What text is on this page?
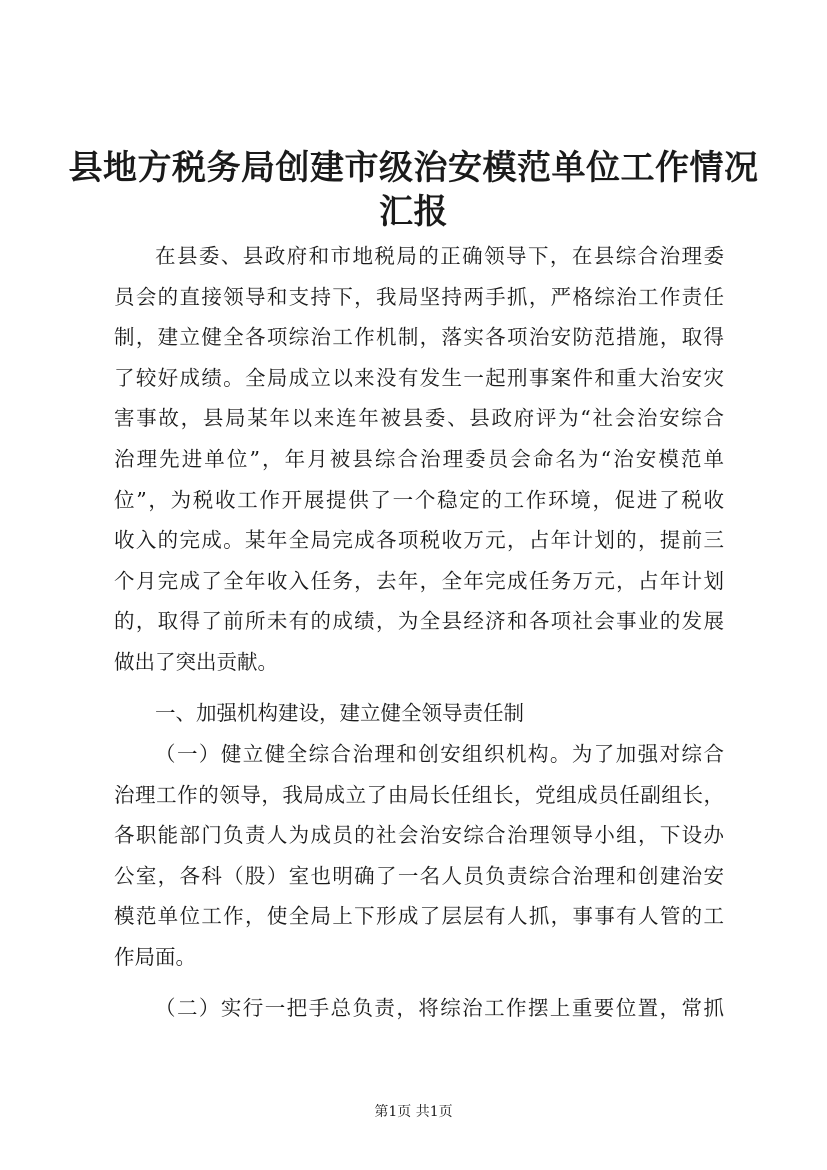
县地方税务局创建市级治安模范单位工作情况
汇报
在县委、县政府和市地税局的正确领导下，在县综合治理委
员会的直接领导和支持下，我局坚持两手抓，严格综治工作责任
制，建立健全各项综治工作机制，落实各项治安防范措施，取得
了较好成绩。全局成立以来没有发生一起刑事案件和重大治安灾
害事故，县局某年以来连年被县委、县政府评为“社会治安综合
治理先进单位”，年月被县综合治理委员会命名为“治安模范单
位”，为税收工作开展提供了一个稳定的工作环境，促进了税收
收入的完成。某年全局完成各项税收万元，占年计划的，提前三
个月完成了全年收入任务，去年，全年完成任务万元，占年计划
的，取得了前所未有的成绩，为全县经济和各项社会事业的发展
做出了突出贡献。
一、加强机构建设，建立健全领导责任制
（一）健立健全综合治理和创安组织机构。为了加强对综合
治理工作的领导，我局成立了由局长任组长，党组成员任副组长，
各职能部门负责人为成员的社会治安综合治理领导小组，下设办
公室，各科（股）室也明确了一名人员负责综合治理和创建治安
模范单位工作，使全局上下形成了层层有人抓，事事有人管的工
作局面。
（二）实行一把手总负责，将综治工作摆上重要位置，常抓
第1页 共1页
